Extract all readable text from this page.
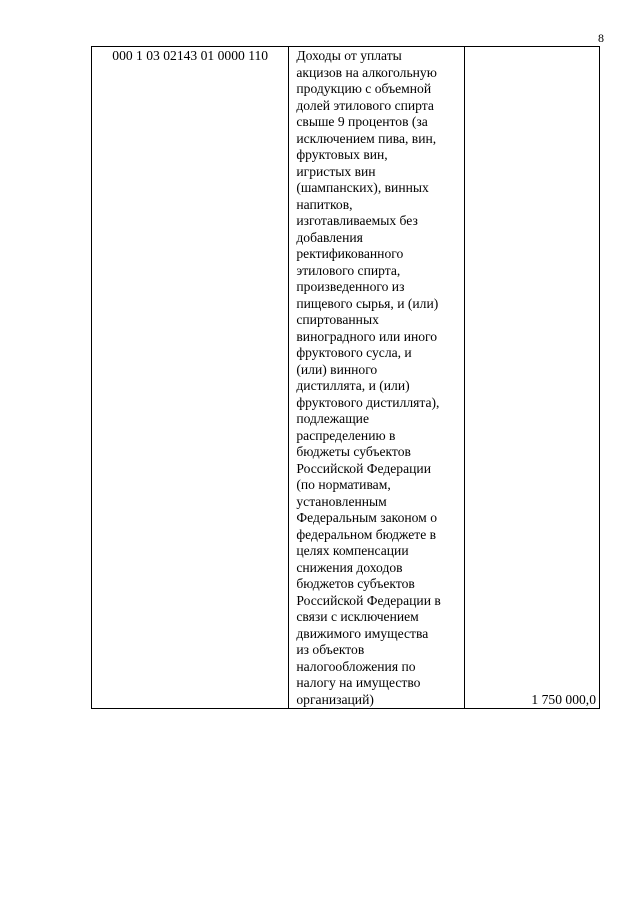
8
000 1 03 02143 01 0000 110	Доходы от уплаты
акцизов на алкогольную
продукцию с объемной
долей этилового спирта
свыше 9 процентов (за
исключением пива, вин,
фруктовых вин,
игристых вин
(шампанских), винных
напитков,
изготавливаемых без
добавления
ректификованного
этилового спирта,
произведенного из
пищевого сырья, и (или)
спиртованных
виноградного или иного
фруктового сусла, и
(или) винного
дистиллята, и (или)
фруктового дистиллята),
подлежащие
распределению в
бюджеты субъектов
Российской Федерации
(по нормативам,
установленным
Федеральным законом о
федеральном бюджете в
целях компенсации
снижения доходов
бюджетов субъектов
Российской Федерации в
связи с исключением
движимого имущества
из объектов
налогообложения по
налогу на имущество
организаций)	1 750 000,0
